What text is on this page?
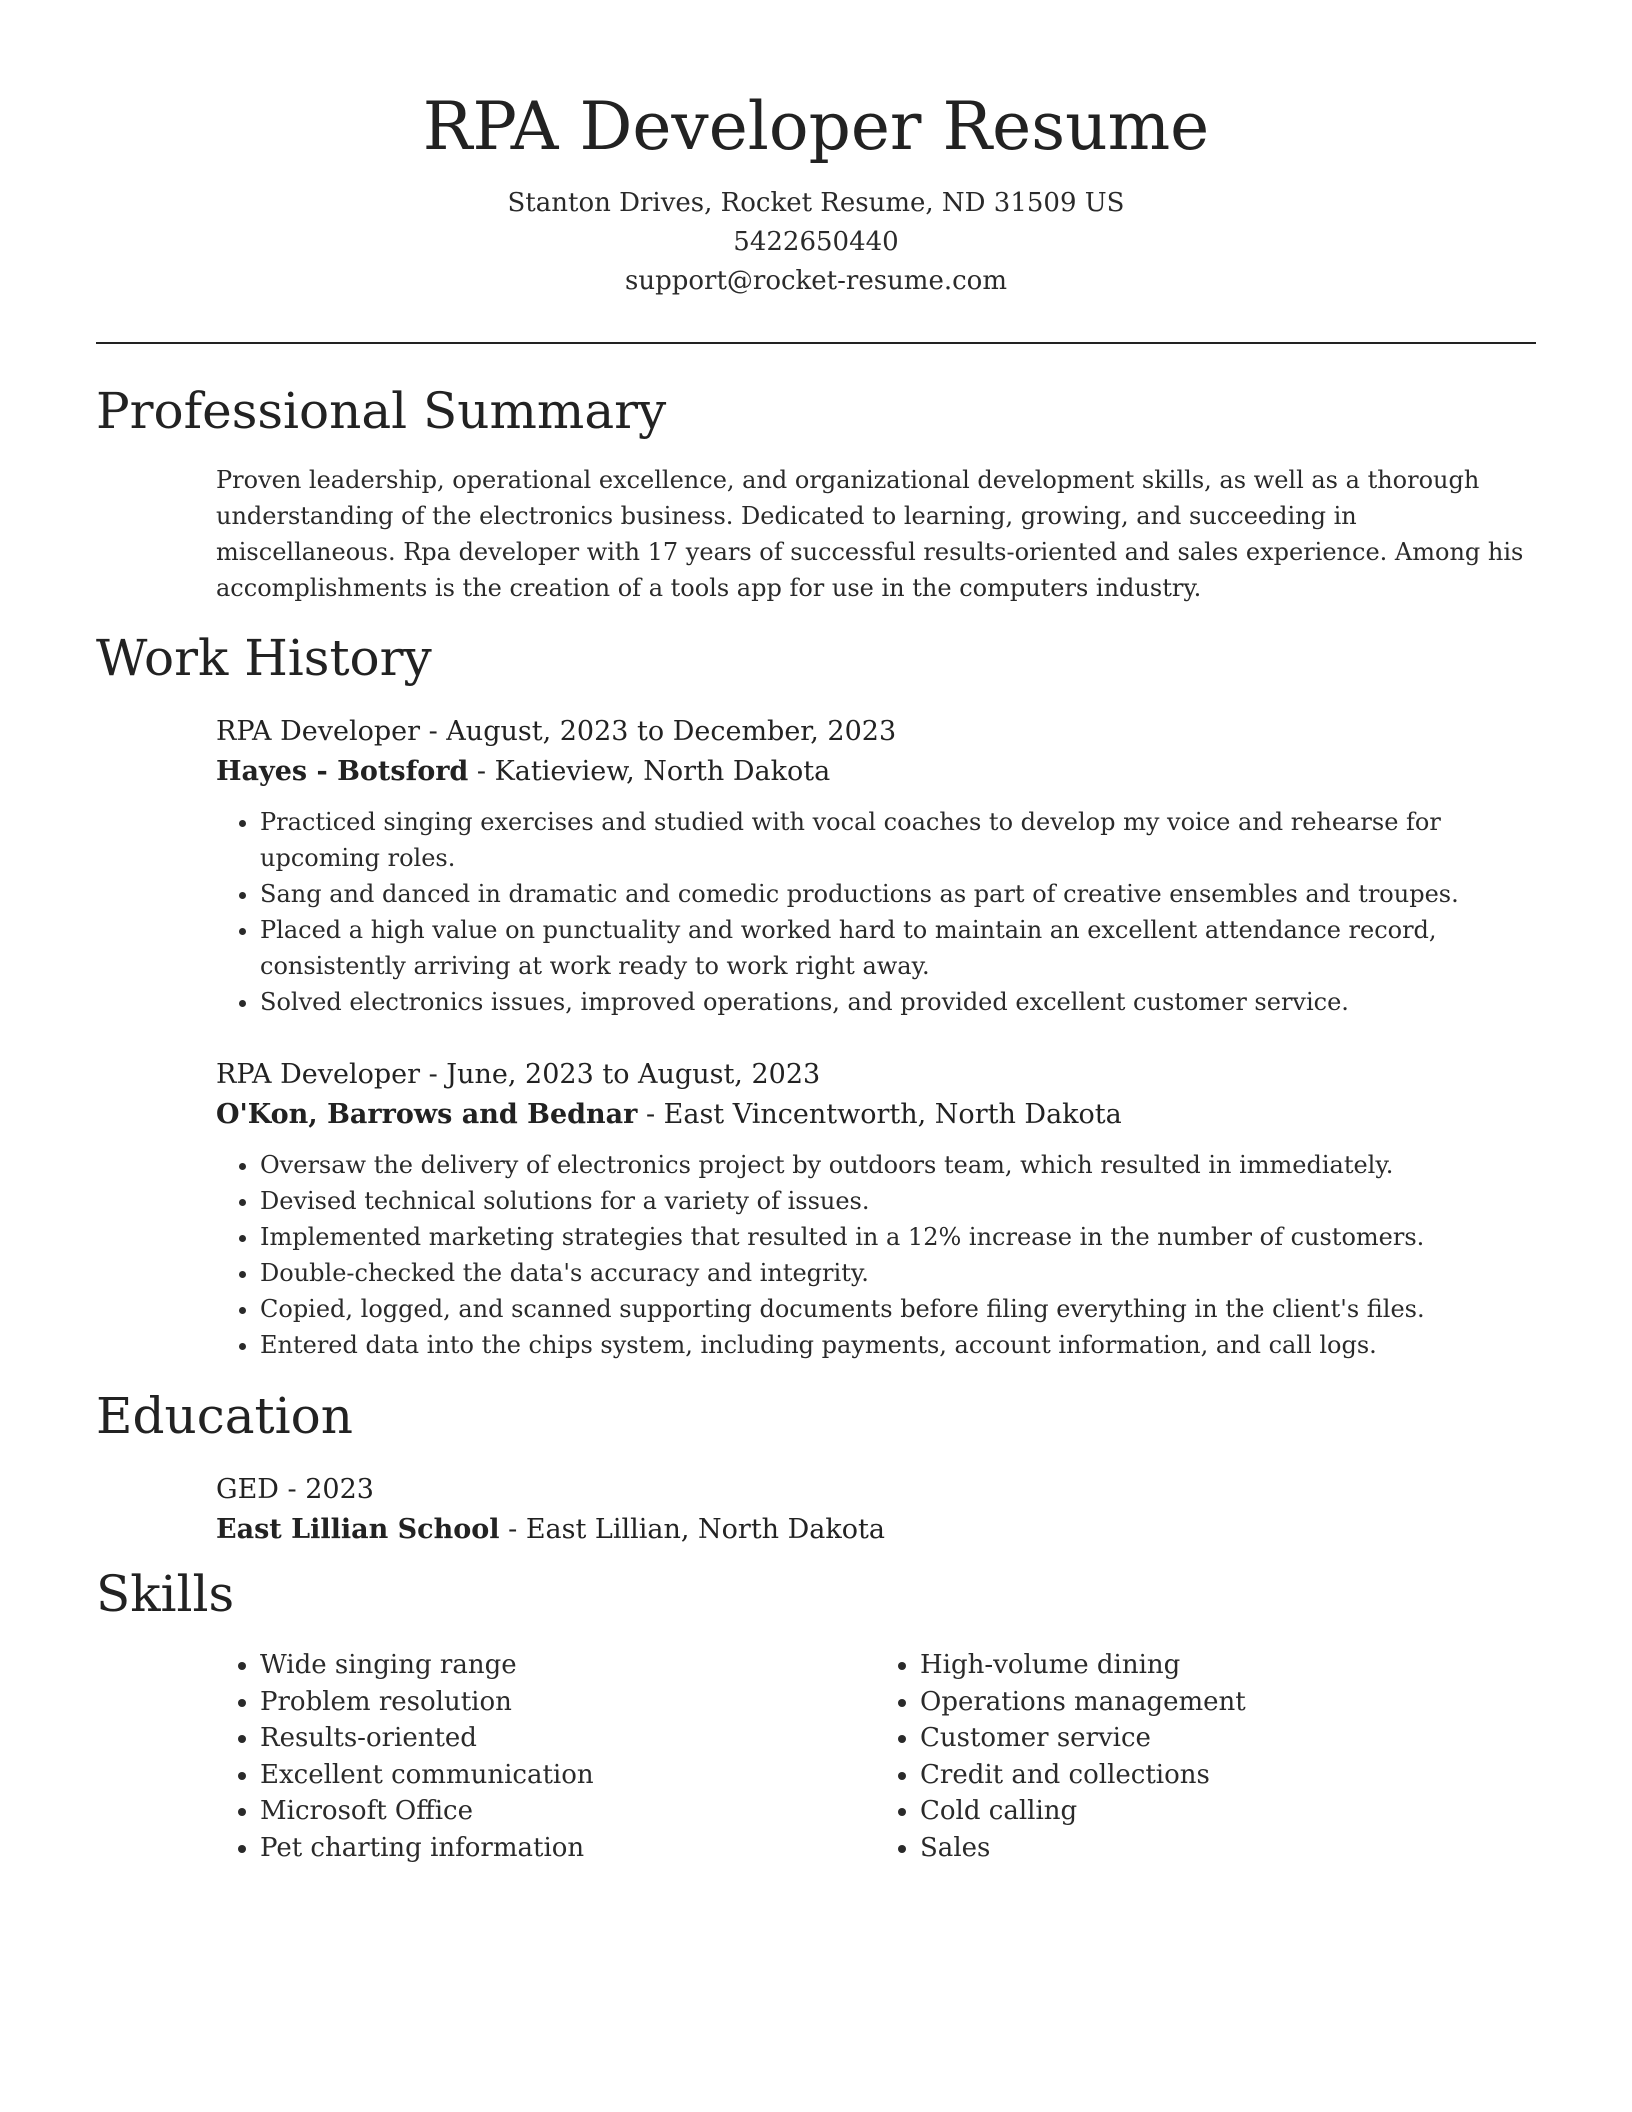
RPA Developer Resume
Stanton Drives, Rocket Resume, ND 31509 US
5422650440
support@rocket-resume.com
Professional Summary
Proven leadership, operational excellence, and organizational development skills, as well as a thorough understanding of the electronics business. Dedicated to learning, growing, and succeeding in miscellaneous. Rpa developer with 17 years of successful results-oriented and sales experience. Among his accomplishments is the creation of a tools app for use in the computers industry.
Work History
RPA Developer - August, 2023 to December, 2023
Hayes - Botsford - Katieview, North Dakota
• Practiced singing exercises and studied with vocal coaches to develop my voice and rehearse for upcoming roles.
• Sang and danced in dramatic and comedic productions as part of creative ensembles and troupes.
• Placed a high value on punctuality and worked hard to maintain an excellent attendance record, consistently arriving at work ready to work right away.
• Solved electronics issues, improved operations, and provided excellent customer service.
RPA Developer - June, 2023 to August, 2023
O'Kon, Barrows and Bednar - East Vincentworth, North Dakota
• Oversaw the delivery of electronics project by outdoors team, which resulted in immediately.
• Devised technical solutions for a variety of issues.
• Implemented marketing strategies that resulted in a 12% increase in the number of customers.
• Double-checked the data's accuracy and integrity.
• Copied, logged, and scanned supporting documents before filing everything in the client's files.
• Entered data into the chips system, including payments, account information, and call logs.
Education
GED - 2023
East Lillian School - East Lillian, North Dakota
Skills
• Wide singing range
• Problem resolution
• Results-oriented
• Excellent communication
• Microsoft Office
• Pet charting information
• High-volume dining
• Operations management
• Customer service
• Credit and collections
• Cold calling
• Sales
